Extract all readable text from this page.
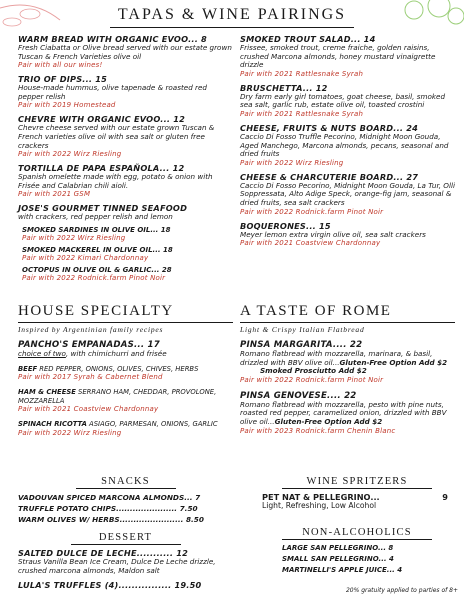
TAPAS & WINE PAIRINGS
WARM BREAD WITH ORGANIC EVOO... 8
Fresh Ciabatta or Olive bread served with our estate grown Tuscan & French Varieties olive oil
Pair with all our wines!
TRIO OF DIPS... 15
House-made hummus, olive tapenade & roasted red pepper relish
Pair with 2019 Homestead
CHEVRE WITH ORGANIC EVOO... 12
Chevre cheese served with our estate grown Tuscan & French varieties olive oil with sea salt or gluten free crackers
Pair with 2022 Wirz Riesling
TORTILLA DE PAPA ESPAÑOLA... 12
Spanish omelette made with egg, potato & onion with Frisée and Calabrian chili aioli.
Pair with 2021 GSM
JOSE'S GOURMET TINNED SEAFOOD
with crackers, red pepper relish and lemon
SMOKED SARDINES IN OLIVE OIL... 18
Pair with 2022 Wirz Riesling
SMOKED MACKEREL IN OLIVE OIL... 18
Pair with 2022 Kimari Chardonnay
OCTOPUS IN OLIVE OIL & GARLIC... 28
Pair with 2022 Rodnick.farm Pinot Noir
SMOKED TROUT SALAD... 14
Frissee, smoked trout, creme fraiche, golden raisins, crushed Marcona almonds, honey mustard vinaigrette drizzle
Pair with 2021 Rattlesnake Syrah
BRUSCHETTA... 12
Dry farm early girl tomatoes, goat cheese, basil, smoked sea salt, garlic rub, estate olive oil, toasted crostini
Pair with 2021 Rattlesnake Syrah
CHEESE, FRUITS & NUTS BOARD... 24
Caccio Di Fosso Truffle Pecorino, Midnight Moon Gouda, Aged Manchego, Marcona almonds, pecans, seasonal and dried fruits
Pair with 2022 Wirz Riesling
CHEESE & CHARCUTERIE BOARD... 27
Caccio Di Fosso Pecorino, Midnight Moon Gouda, La Tur, Olli Soppressata, Alto Adige Speck, orange-fig jam, seasonal & dried fruits, sea salt crackers
Pair with 2022 Rodnick.farm Pinot Noir
BOQUERONES... 15
Meyer lemon extra virgin olive oil, sea salt crackers
Pair with 2021 Coastview Chardonnay
HOUSE SPECIALTY
Inspired by Argentinian family recipes
PANCHO'S EMPANADAS... 17
choice of two, with chimichurri and frisée
BEEF RED PEPPER, ONIONS, OLIVES, CHIVES, HERBS
Pair with 2017 Syrah & Cabernet Blend
HAM & CHEESE SERRANO HAM, CHEDDAR, PROVOLONE, MOZZARELLA
Pair with 2021 Coastview Chardonnay
SPINACH RICOTTA ASIAGO, PARMESAN, ONIONS, GARLIC
Pair with 2022 Wirz Riesling
A TASTE OF ROME
Light & Crispy Italian Flatbread
PINSA MARGARITA.... 22
Romano flatbread with mozzarella, marinara, & basil, drizzled with BBV olive oil...Gluten-Free Option Add $2
Smoked Prosciutto Add $2
Pair with 2022 Rodnick.farm Pinot Noir
PINSA GENOVESE.... 22
Romano flatbread with mozzarella, pesto with pine nuts, roasted red pepper, caramelized onion, drizzled with BBV olive oil...Gluten-Free Option Add $2
Pair with 2023 Rodnick.farm Chenin Blanc
SNACKS
VADOUVAN SPICED MARCONA ALMONDS... 7
TRUFFLE POTATO CHIPS...................... 7.50
WARM OLIVES W/ HERBS....................... 8.50
DESSERT
SALTED DULCE DE LECHE........... 12
Straus Vanilla Bean Ice Cream, Dulce De Leche drizzle, crushed marcona almonds, Maldon salt
LULA'S TRUFFLES (4)................ 19.50
WINE SPRITZERS
PET NAT & PELLEGRINO...	9
Light, Refreshing, Low Alcohol
NON-ALCOHOLICS
LARGE SAN PELLEGRINO... 8
SMALL SAN PELLEGRINO... 4
MARTINELLI'S APPLE JUICE... 4
20% gratuity applied to parties of 8+
